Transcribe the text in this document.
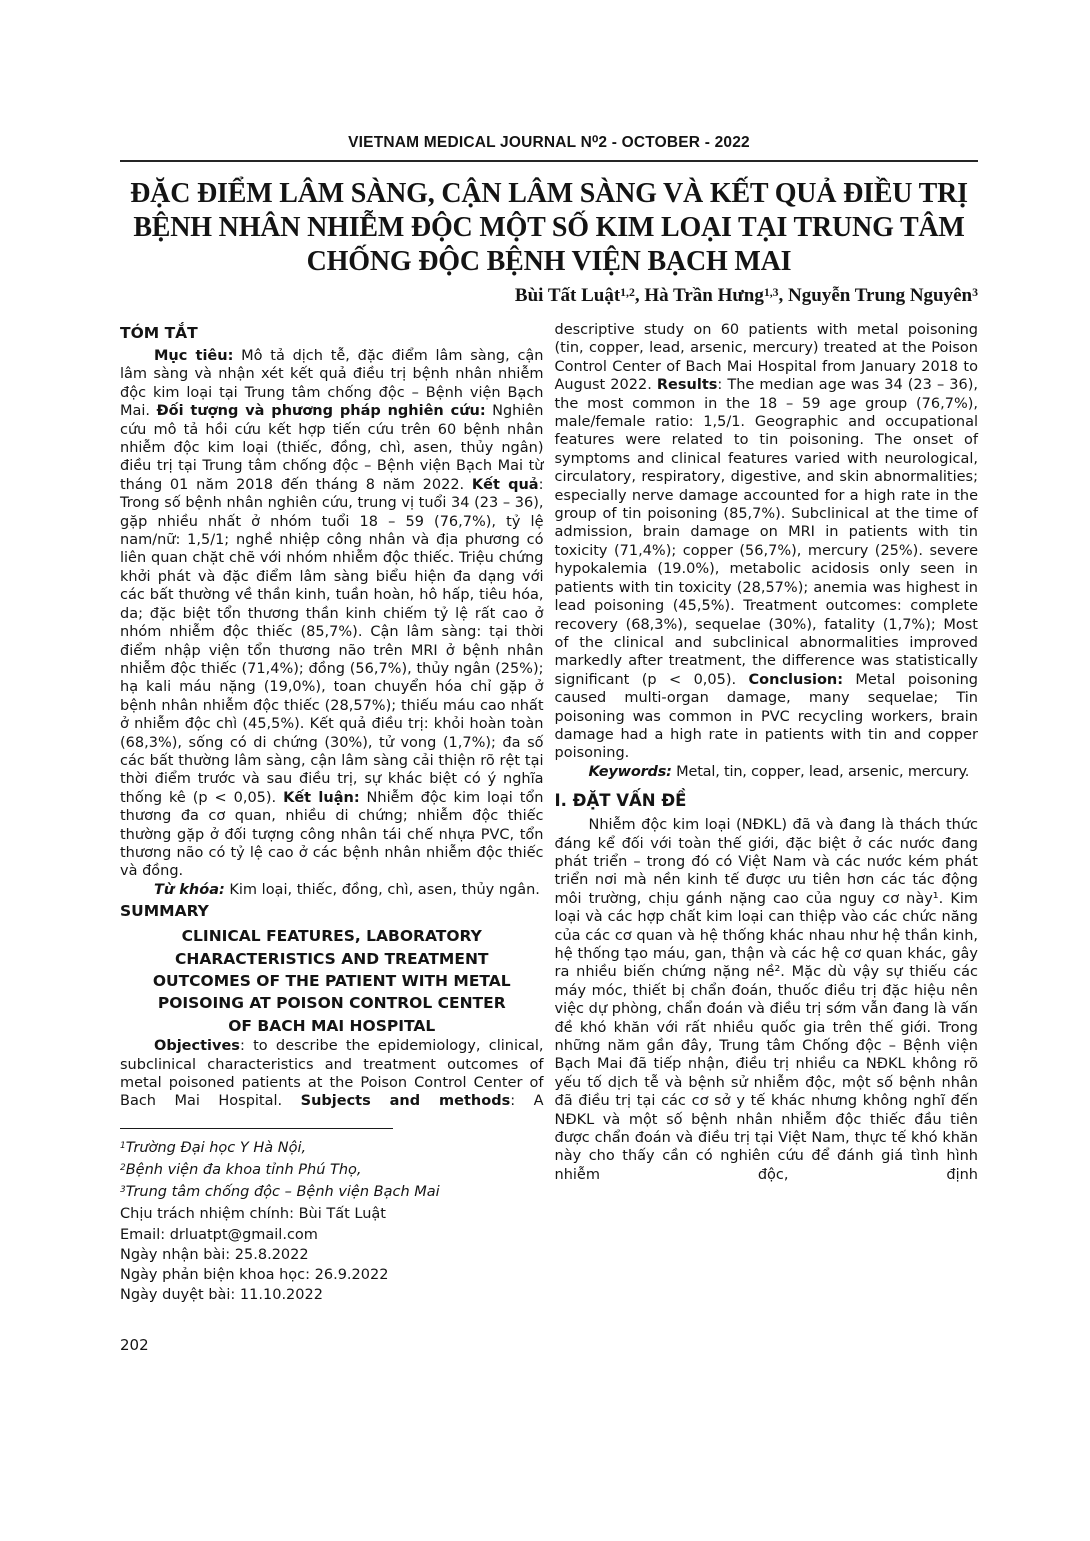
VIETNAM MEDICAL JOURNAL N⁰2 - OCTOBER - 2022
ĐẶC ĐIỂM LÂM SÀNG, CẬN LÂM SÀNG VÀ KẾT QUẢ ĐIỀU TRỊ
BỆNH NHÂN NHIỄM ĐỘC MỘT SỐ KIM LOẠI TẠI TRUNG TÂM
CHỐNG ĐỘC BỆNH VIỆN BẠCH MAI
Bùi Tất Luật$^{1,2}$, Hà Trần Hưng$^{1,3}$, Nguyễn Trung Nguyên$^3$
TÓM TẮT

Mục tiêu: Mô tả dịch tễ, đặc điểm lâm sàng, cận lâm sàng và nhận xét kết quả điều trị bệnh nhân nhiễm độc kim loại tại Trung tâm chống độc – Bệnh viện Bạch Mai. Đối tượng và phương pháp nghiên cứu: Nghiên cứu mô tả hồi cứu kết hợp tiến cứu trên 60 bệnh nhân nhiễm độc kim loại (thiếc, đồng, chì, asen, thủy ngân) điều trị tại Trung tâm chống độc – Bệnh viện Bạch Mai từ tháng 01 năm 2018 đến tháng 8 năm 2022. Kết quả: Trong số bệnh nhân nghiên cứu, trung vị tuổi 34 (23 – 36), gặp nhiều nhất ở nhóm tuổi 18 – 59 (76,7%), tỷ lệ nam/nữ: 1,5/1; nghề nhiệp công nhân và địa phương có liên quan chặt chẽ với nhóm nhiễm độc thiếc. Triệu chứng khởi phát và đặc điểm lâm sàng biểu hiện đa dạng với các bất thường về thần kinh, tuần hoàn, hô hấp, tiêu hóa, da; đặc biệt tổn thương thần kinh chiếm tỷ lệ rất cao ở nhóm nhiễm độc thiếc (85,7%). Cận lâm sàng: tại thời điểm nhập viện tổn thương não trên MRI ở bệnh nhân nhiễm độc thiếc (71,4%); đồng (56,7%), thủy ngân (25%); hạ kali máu nặng (19,0%), toan chuyển hóa chỉ gặp ở bệnh nhân nhiễm độc thiếc (28,57%); thiếu máu cao nhất ở nhiễm độc chì (45,5%). Kết quả điều trị: khỏi hoàn toàn (68,3%), sống có di chứng (30%), tử vong (1,7%); đa số các bất thường lâm sàng, cận lâm sàng cải thiện rõ rệt tại thời điểm trước và sau điều trị, sự khác biệt có ý nghĩa thống kê (p < 0,05). Kết luận: Nhiễm độc kim loại tổn thương đa cơ quan, nhiều di chứng; nhiễm độc thiếc thường gặp ở đối tượng công nhân tái chế nhựa PVC, tổn thương não có tỷ lệ cao ở các bệnh nhân nhiễm độc thiếc và đồng.

Từ khóa: Kim loại, thiếc, đồng, chì, asen, thủy ngân.

SUMMARY
CLINICAL FEATURES, LABORATORY
CHARACTERISTICS AND TREATMENT
OUTCOMES OF THE PATIENT WITH METAL
POISOING AT POISON CONTROL CENTER
OF BACH MAI HOSPITAL

Objectives: to describe the epidemiology, clinical, subclinical characteristics and treatment outcomes of metal poisoned patients at the Poison Control Center of Bach Mai Hospital. Subjects and methods: A

$^1$Trường Đại học Y Hà Nội,
$^2$Bệnh viện đa khoa tỉnh Phú Thọ,
$^3$Trung tâm chống độc – Bệnh viện Bạch Mai
Chịu trách nhiệm chính: Bùi Tất Luật
Email: drluatpt@gmail.com
Ngày nhận bài: 25.8.2022
Ngày phản biện khoa học: 26.9.2022
Ngày duyệt bài: 11.10.2022

descriptive study on 60 patients with metal poisoning (tin, copper, lead, arsenic, mercury) treated at the Poison Control Center of Bach Mai Hospital from January 2018 to August 2022. Results: The median age was 34 (23 – 36), the most common in the 18 – 59 age group (76,7%), male/female ratio: 1,5/1. Geographic and occupational features were related to tin poisoning. The onset of symptoms and clinical features varied with neurological, circulatory, respiratory, digestive, and skin abnormalities; especially nerve damage accounted for a high rate in the group of tin poisoning (85,7%). Subclinical at the time of admission, brain damage on MRI in patients with tin toxicity (71,4%); copper (56,7%), mercury (25%). severe hypokalemia (19.0%), metabolic acidosis only seen in patients with tin toxicity (28,57%); anemia was highest in lead poisoning (45,5%). Treatment outcomes: complete recovery (68,3%), sequelae (30%), fatality (1,7%); Most of the clinical and subclinical abnormalities improved markedly after treatment, the difference was statistically significant (p < 0,05). Conclusion: Metal poisoning caused multi-organ damage, many sequelae; Tin poisoning was common in PVC recycling workers, brain damage had a high rate in patients with tin and copper poisoning.

Keywords: Metal, tin, copper, lead, arsenic, mercury.

I. ĐẶT VẤN ĐỀ

Nhiễm độc kim loại (NĐKL) đã và đang là thách thức đáng kể đối với toàn thế giới, đặc biệt ở các nước đang phát triển – trong đó có Việt Nam và các nước kém phát triển nơi mà nền kinh tế được ưu tiên hơn các tác động môi trường, chịu gánh nặng cao của nguy cơ này¹. Kim loại và các hợp chất kim loại can thiệp vào các chức năng của các cơ quan và hệ thống khác nhau như hệ thần kinh, hệ thống tạo máu, gan, thận và các hệ cơ quan khác, gây ra nhiều biến chứng nặng nề². Mặc dù vậy sự thiếu các máy móc, thiết bị chẩn đoán, thuốc điều trị đặc hiệu nên việc dự phòng, chẩn đoán và điều trị sớm vẫn đang là vấn đề khó khăn với rất nhiều quốc gia trên thế giới. Trong những năm gần đây, Trung tâm Chống độc – Bệnh viện Bạch Mai đã tiếp nhận, điều trị nhiều ca NĐKL không rõ yếu tố dịch tễ và bệnh sử nhiễm độc, một số bệnh nhân đã điều trị tại các cơ sở y tế khác nhưng không nghĩ đến NĐKL và một số bệnh nhân nhiễm độc thiếc đầu tiên được chẩn đoán và điều trị tại Việt Nam, thực tế khó khăn này cho thấy cần có nghiên cứu để đánh giá tình hình nhiễm độc, định

202
